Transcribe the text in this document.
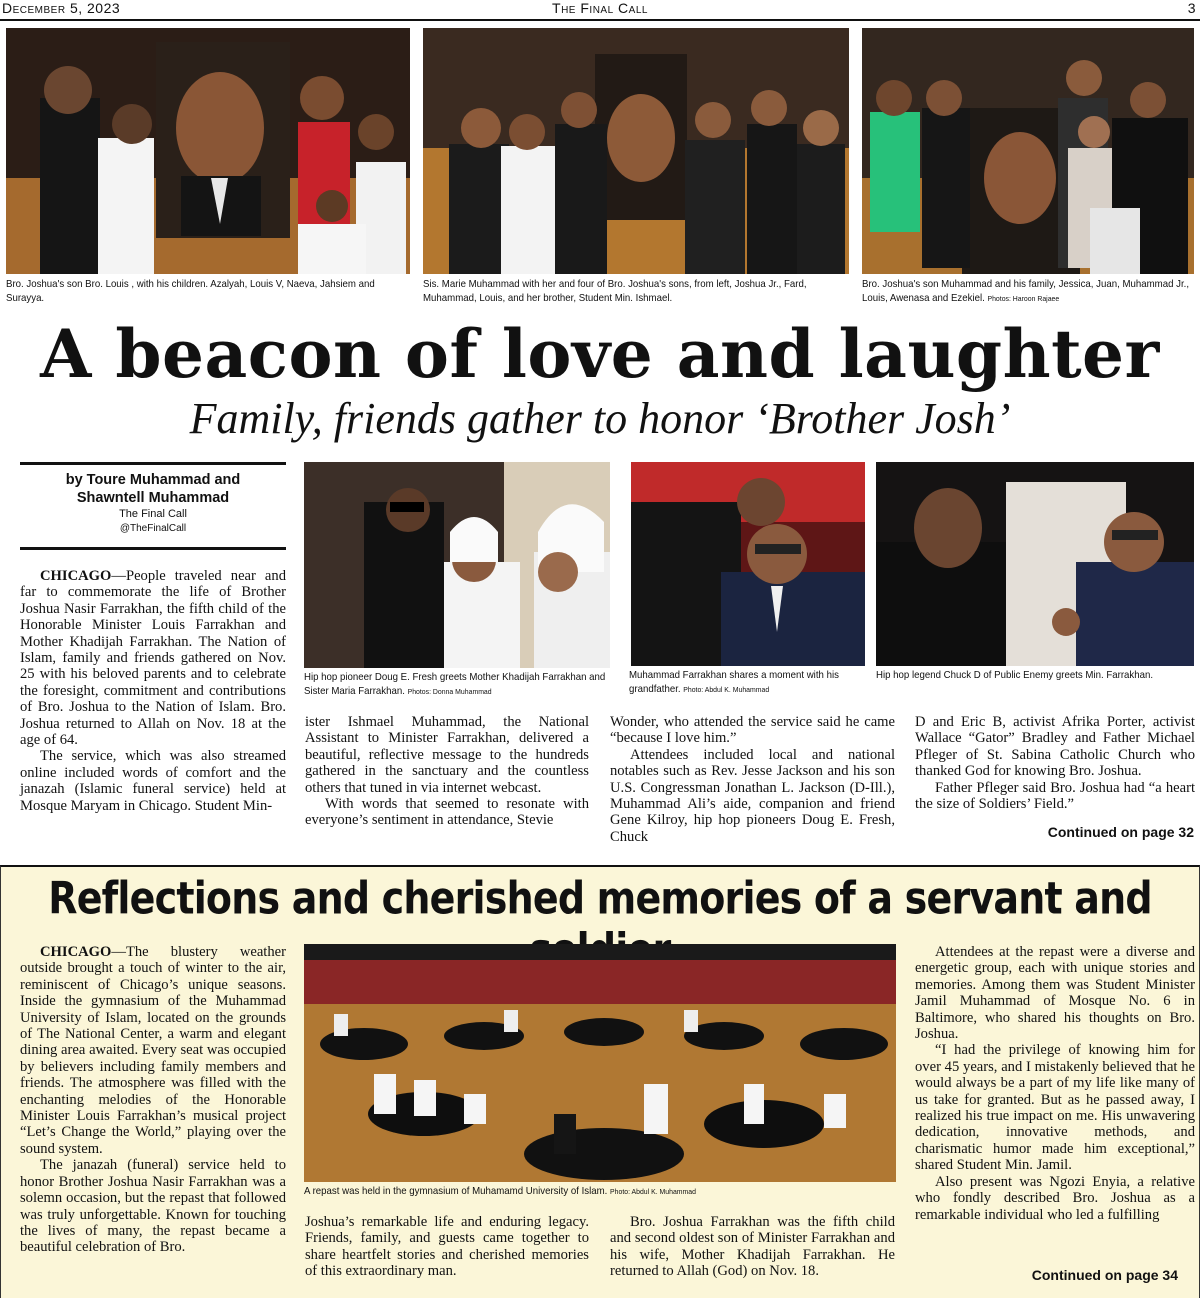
December 5, 2023	The Final Call	3
Bro. Joshua's son Bro. Louis , with his children. Azalyah, Louis V, Naeva, Jahsiem and Surayya.
Sis. Marie Muhammad with her and four of Bro. Joshua's sons, from left, Joshua Jr., Fard, Muhammad, Louis, and her brother, Student Min. Ishmael.
Bro. Joshua's son Muhammad and his family, Jessica, Juan, Muhammad Jr., Louis, Awenasa and Ezekiel. Photos: Haroon Rajaee
A beacon of love and laughter
Family, friends gather to honor ‘Brother Josh’
by Toure Muhammad and
Shawntell Muhammad
The Final Call
@TheFinalCall

CHICAGO—People traveled near and far to commemorate the life of Brother Joshua Nasir Farrakhan, the fifth child of the Honorable Minister Louis Farrakhan and Mother Khadijah Farrakhan. The Nation of Islam, family and friends gathered on Nov. 25 with his beloved parents and to celebrate the foresight, commitment and contributions of Bro. Joshua to the Nation of Islam. Bro. Joshua returned to Allah on Nov. 18 at the age of 64.

The service, which was also streamed online included words of comfort and the janazah (Islamic funeral service) held at Mosque Maryam in Chicago. Student Min-

Hip hop pioneer Doug E. Fresh greets Mother Khadijah Farrakhan and Sister Maria Farrakhan. Photos: Donna Muhammad
Muhammad Farrakhan shares a moment with his grandfather. Photo: Abdul K. Muhammad
Hip hop legend Chuck D of Public Enemy greets Min. Farrakhan.

ister Ishmael Muhammad, the National Assistant to Minister Farrakhan, delivered a beautiful, reflective message to the hundreds gathered in the sanctuary and the countless others that tuned in via internet webcast.

With words that seemed to resonate with everyone’s sentiment in attendance, Stevie

Wonder, who attended the service said he came “because I love him.”

Attendees included local and national notables such as Rev. Jesse Jackson and his son U.S. Congressman Jonathan L. Jackson (D-Ill.), Muhammad Ali’s aide, companion and friend Gene Kilroy, hip hop pioneers Doug E. Fresh, Chuck

D and Eric B, activist Afrika Porter, activist Wallace “Gator” Bradley and Father Michael Pfleger of St. Sabina Catholic Church who thanked God for knowing Bro. Joshua.

Father Pfleger said Bro. Joshua had “a heart the size of Soldiers’ Field.”

Continued on page 32
Reflections and cherished memories of a servant and

CHICAGO—The blustery weather outside brought a touch of winter to the air, reminiscent of Chicago’s unique seasons. Inside the gymnasium of the Muhammad University of Islam, located on the grounds of The National Center, a warm and elegant dining area awaited. Every seat was occupied by believers including family members and friends. The atmosphere was filled with the enchanting melodies of the Honorable Minister Louis Farrakhan’s musical project “Let’s Change the World,” playing over the sound system.

The janazah (funeral) service held to honor Brother Joshua Nasir Farrakhan was a solemn occasion, but the repast that followed was truly unforgettable. Known for touching the lives of many, the repast became a beautiful celebration of Bro.

A repast was held in the gymnasium of Muhamamd University of Islam. Photo: Abdul K. Muhammad

Joshua’s remarkable life and enduring legacy. Friends, family, and guests came together to share heartfelt stories and cherished memories of this extraordinary man.

Bro. Joshua Farrakhan was the fifth child and second oldest son of Minister Farrakhan and his wife, Mother Khadijah Farrakhan. He returned to Allah (God) on Nov. 18.

Attendees at the repast were a diverse and energetic group, each with unique stories and memories. Among them was Student Minister Jamil Muhammad of Mosque No. 6 in Baltimore, who shared his thoughts on Bro. Joshua.

“I had the privilege of knowing him for over 45 years, and I mistakenly believed that he would always be a part of my life like many of us take for granted. But as he passed away, I realized his true impact on me. His unwavering dedication, innovative methods, and charismatic humor made him exceptional,” shared Student Min. Jamil.

Also present was Ngozi Enyia, a relative who fondly described Bro. Joshua as a remarkable individual who led a fulfilling

Continued on page 34
